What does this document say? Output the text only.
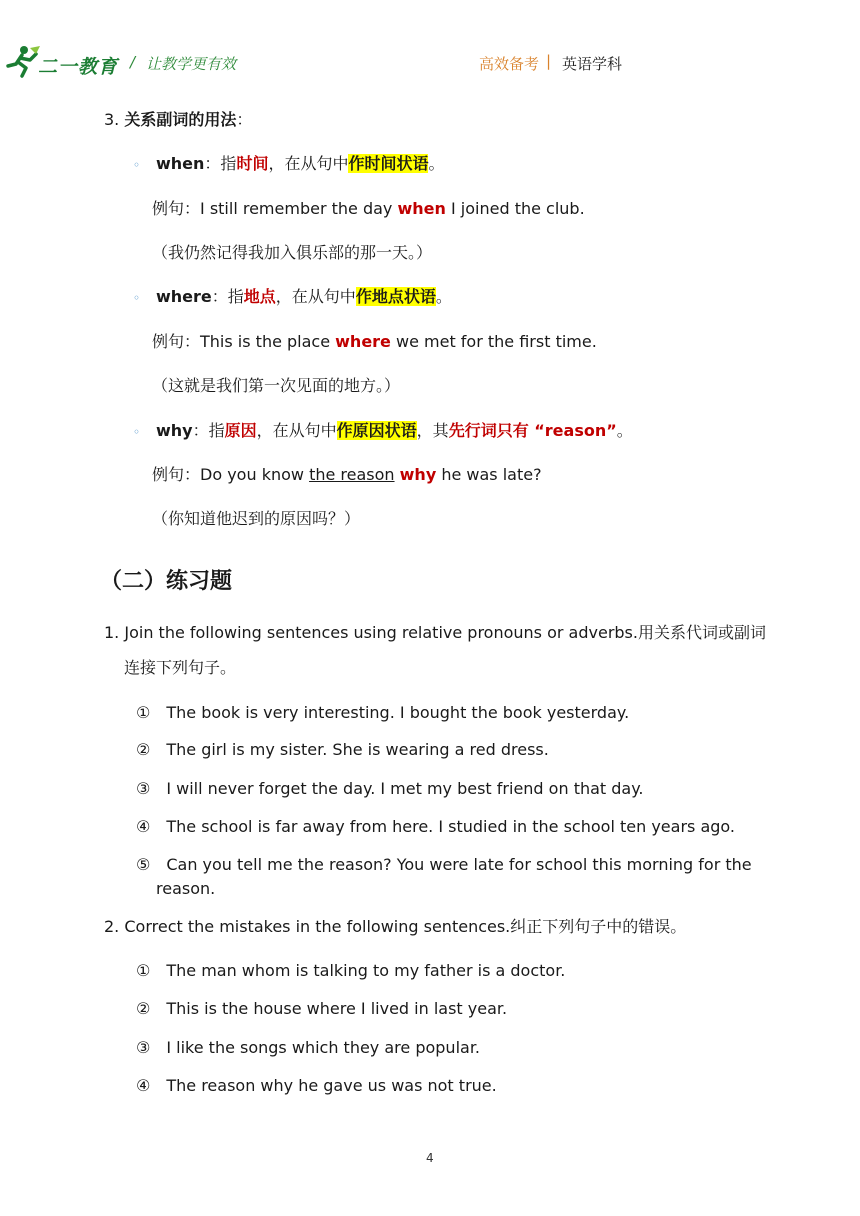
二一教育 / 让教学更有效	高效备考 | 英语学科
3. 关系副词的用法：
◦ when：指时间，在从句中作时间状语。
例句：I still remember the day when I joined the club.
（我仍然记得我加入俱乐部的那一天。）
◦ where：指地点，在从句中作地点状语。
例句：This is the place where we met for the first time.
（这就是我们第一次见面的地方。）
◦ why：指原因，在从句中作原因状语，其先行词只有 “reason”。
例句：Do you know the reason why he was late?
（你知道他迟到的原因吗？）
（二）练习题
1. Join the following sentences using relative pronouns or adverbs.用关系代词或副词
连接下列句子。
① The book is very interesting. I bought the book yesterday.
② The girl is my sister. She is wearing a red dress.
③ I will never forget the day. I met my best friend on that day.
④ The school is far away from here. I studied in the school ten years ago.
⑤ Can you tell me the reason? You were late for school this morning for the
reason.
2. Correct the mistakes in the following sentences.纠正下列句子中的错误。
① The man whom is talking to my father is a doctor.
② This is the house where I lived in last year.
③ I like the songs which they are popular.
④ The reason why he gave us was not true.
4
